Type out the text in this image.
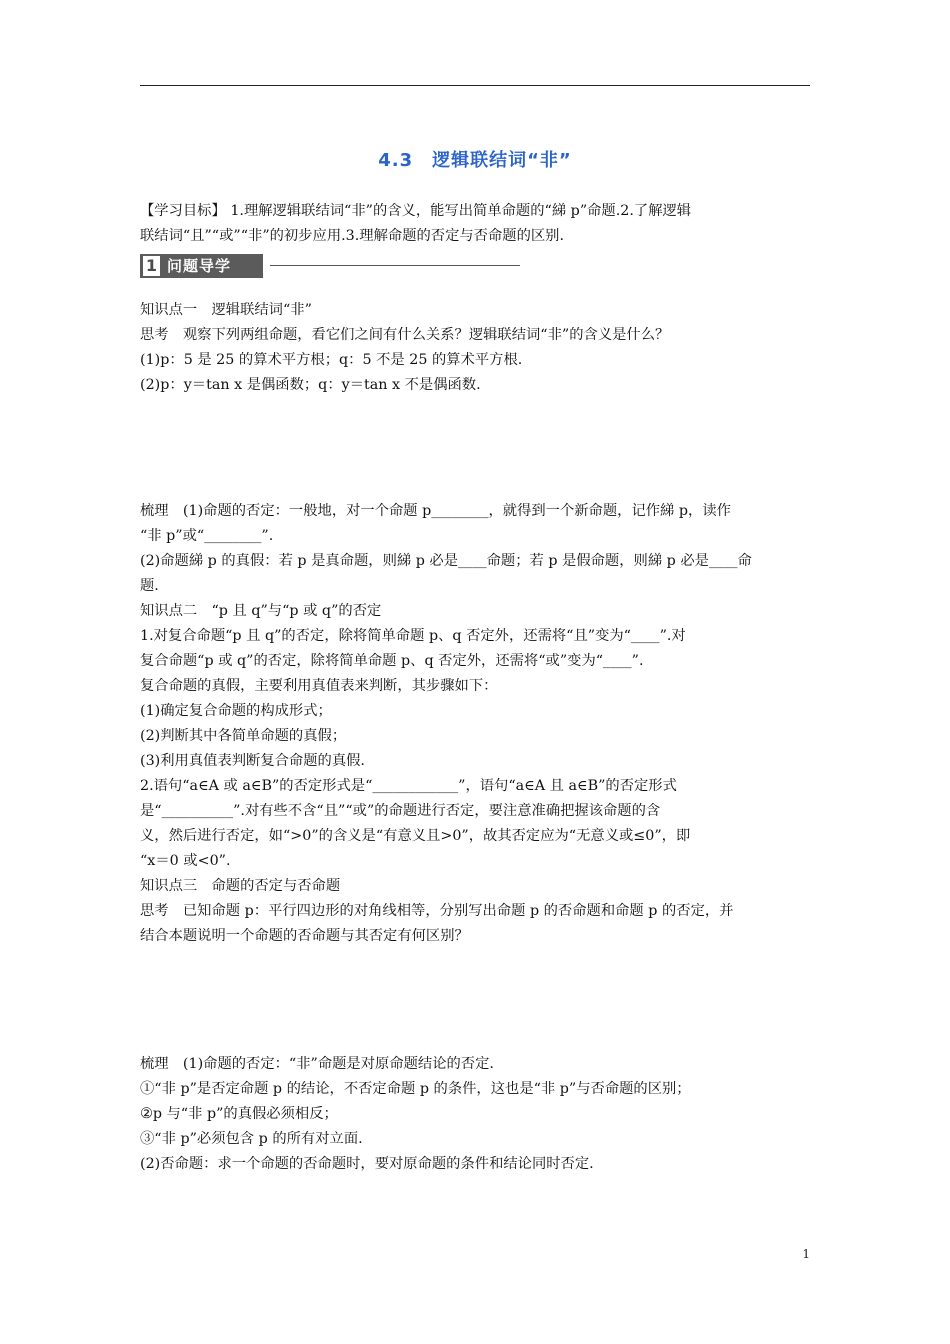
4.3　逻辑联结词“非”
【学习目标】 1.理解逻辑联结词“非”的含义，能写出简单命题的“綈 p”命题.2.了解逻辑
联结词“且”“或”“非”的初步应用.3.理解命题的否定与否命题的区别.
1 问题导学
知识点一　逻辑联结词“非”
思考　观察下列两组命题，看它们之间有什么关系？逻辑联结词“非”的含义是什么？
(1)p：5 是 25 的算术平方根；q：5 不是 25 的算术平方根.
(2)p：y＝tan x 是偶函数；q：y＝tan x 不是偶函数.
梳理　(1)命题的否定：一般地，对一个命题 p________，就得到一个新命题，记作綈 p，读作
“非 p”或“________”.
(2)命题綈 p 的真假：若 p 是真命题，则綈 p 必是____命题；若 p 是假命题，则綈 p 必是____命
题.
知识点二　“p 且 q”与“p 或 q”的否定
1.对复合命题“p 且 q”的否定，除将简单命题 p、q 否定外，还需将“且”变为“____”.对
复合命题“p 或 q”的否定，除将简单命题 p、q 否定外，还需将“或”变为“____”.
复合命题的真假，主要利用真值表来判断，其步骤如下：
(1)确定复合命题的构成形式；
(2)判断其中各简单命题的真假；
(3)利用真值表判断复合命题的真假.
2.语句“a∈A 或 a∈B”的否定形式是“____________”，语句“a∈A 且 a∈B”的否定形式
是“__________”.对有些不含“且”“或”的命题进行否定，要注意准确把握该命题的含
义，然后进行否定，如“>0”的含义是“有意义且>0”，故其否定应为“无意义或≤0”，即
“x＝0 或<0”.
知识点三　命题的否定与否命题
思考　已知命题 p：平行四边形的对角线相等，分别写出命题 p 的否命题和命题 p 的否定，并
结合本题说明一个命题的否命题与其否定有何区别？
梳理　(1)命题的否定：“非”命题是对原命题结论的否定.
①“非 p”是否定命题 p 的结论，不否定命题 p 的条件，这也是“非 p”与否命题的区别；
②p 与“非 p”的真假必须相反；
③“非 p”必须包含 p 的所有对立面.
(2)否命题：求一个命题的否命题时，要对原命题的条件和结论同时否定.
1
